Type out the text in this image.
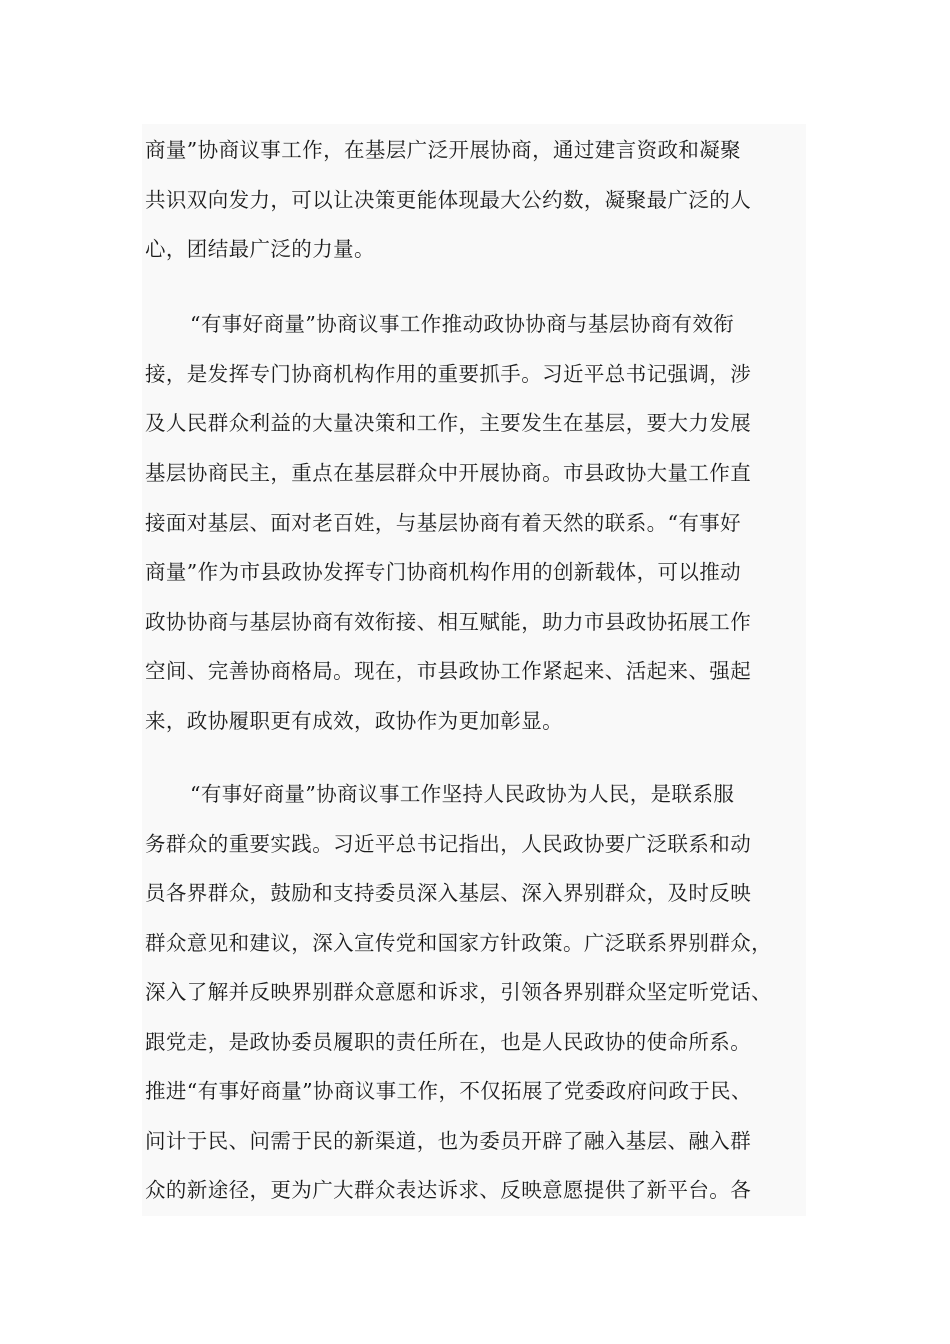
商量”协商议事工作，在基层广泛开展协商，通过建言资政和凝聚
共识双向发力，可以让决策更能体现最大公约数，凝聚最广泛的人
心，团结最广泛的力量。
“有事好商量”协商议事工作推动政协协商与基层协商有效衔
接，是发挥专门协商机构作用的重要抓手。习近平总书记强调，涉
及人民群众利益的大量决策和工作，主要发生在基层，要大力发展
基层协商民主，重点在基层群众中开展协商。市县政协大量工作直
接面对基层、面对老百姓，与基层协商有着天然的联系。“有事好
商量”作为市县政协发挥专门协商机构作用的创新载体，可以推动
政协协商与基层协商有效衔接、相互赋能，助力市县政协拓展工作
空间、完善协商格局。现在，市县政协工作紧起来、活起来、强起
来，政协履职更有成效，政协作为更加彰显。
“有事好商量”协商议事工作坚持人民政协为人民，是联系服
务群众的重要实践。习近平总书记指出，人民政协要广泛联系和动
员各界群众，鼓励和支持委员深入基层、深入界别群众，及时反映
群众意见和建议，深入宣传党和国家方针政策。广泛联系界别群众，
深入了解并反映界别群众意愿和诉求，引领各界别群众坚定听党话、
跟党走，是政协委员履职的责任所在，也是人民政协的使命所系。
推进“有事好商量”协商议事工作，不仅拓展了党委政府问政于民、
问计于民、问需于民的新渠道，也为委员开辟了融入基层、融入群
众的新途径，更为广大群众表达诉求、反映意愿提供了新平台。各
